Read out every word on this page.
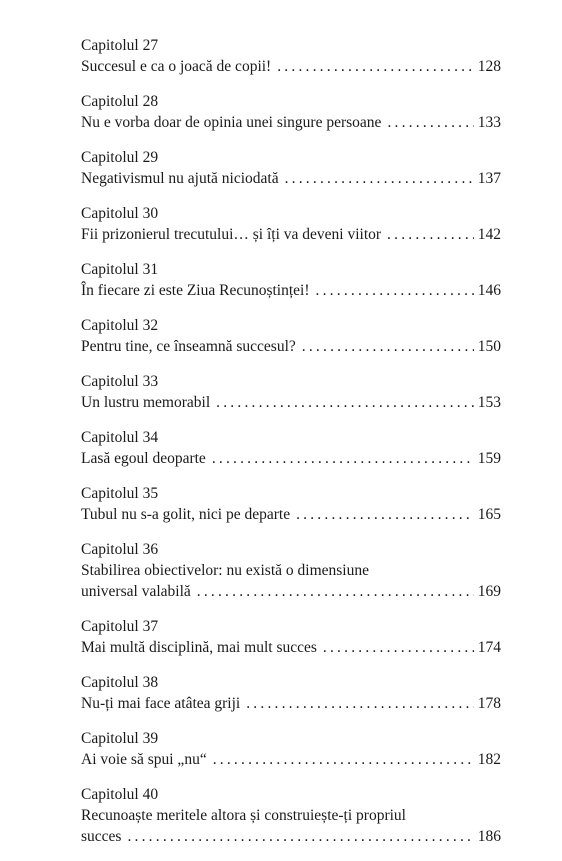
Capitolul 27
Succesul e ca o joacă de copii! .....	128
Capitolul 28
Nu e vorba doar de opinia unei singure persoane .....	133
Capitolul 29
Negativismul nu ajută niciodată .....	137
Capitolul 30
Fii prizonierul trecutului… și îți va deveni viitor .....	142
Capitolul 31
În fiecare zi este Ziua Recunoștinței! .....	146
Capitolul 32
Pentru tine, ce înseamnă succesul? .....	150
Capitolul 33
Un lustru memorabil .....	153
Capitolul 34
Lasă egoul deoparte .....	159
Capitolul 35
Tubul nu s-a golit, nici pe departe .....	165
Capitolul 36
Stabilirea obiectivelor: nu există o dimensiune
universal valabilă .....	169
Capitolul 37
Mai multă disciplină, mai mult succes .....	174
Capitolul 38
Nu-ți mai face atâtea griji .....	178
Capitolul 39
Ai voie să spui „nu“ .....	182
Capitolul 40
Recunoaște meritele altora și construiește-ți propriul
succes .....	186
